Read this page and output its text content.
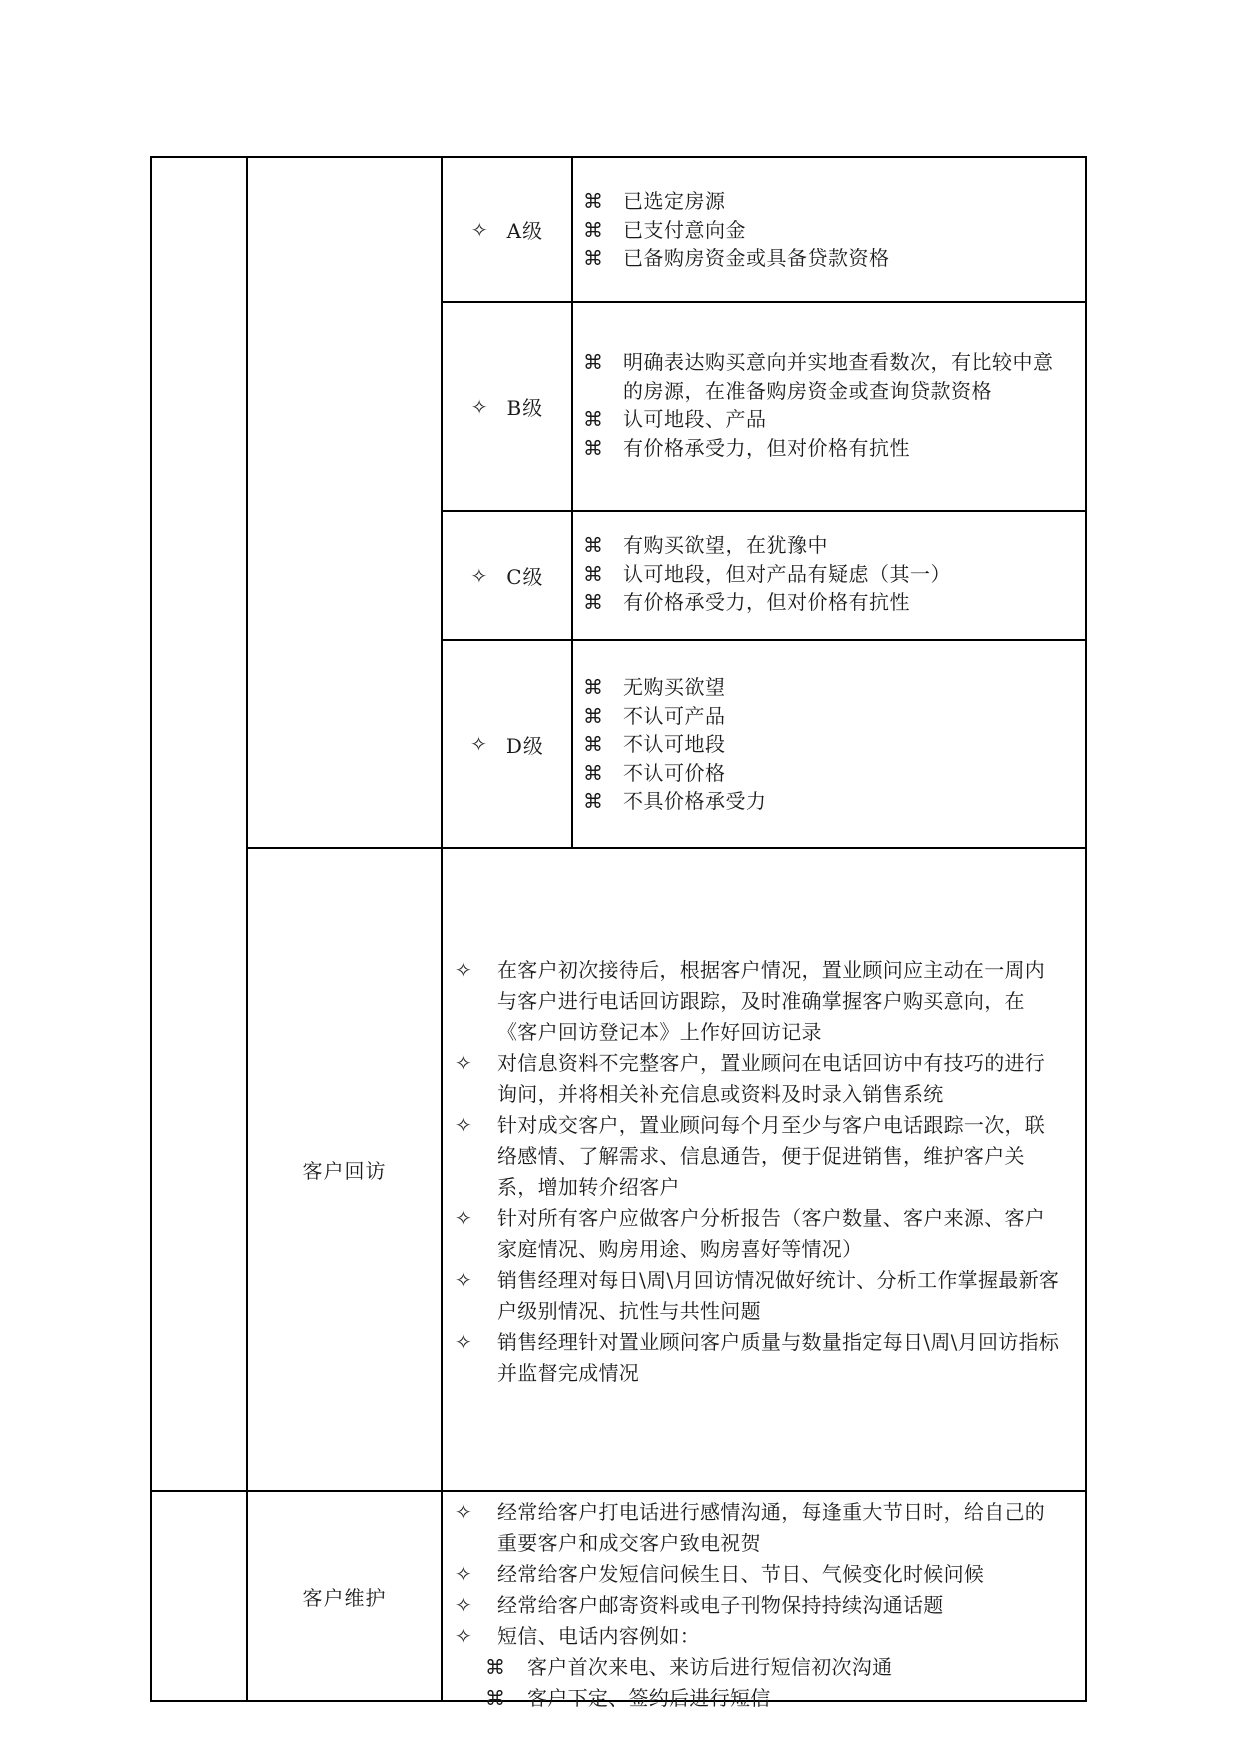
✧ A级
⌘	已选定房源
⌘	已支付意向金
⌘	已备购房资金或具备贷款资格
✧ B级
⌘	明确表达购买意向并实地查看数次，有比较中意的房源，在准备购房资金或查询贷款资格
⌘	认可地段、产品
⌘	有价格承受力，但对价格有抗性
✧ C级
⌘	有购买欲望，在犹豫中
⌘	认可地段，但对产品有疑虑（其一）
⌘	有价格承受力，但对价格有抗性
✧ D级
⌘	无购买欲望
⌘	不认可产品
⌘	不认可地段
⌘	不认可价格
⌘	不具价格承受力
客户回访
✧	在客户初次接待后，根据客户情况，置业顾问应主动在一周内与客户进行电话回访跟踪，及时准确掌握客户购买意向，在《客户回访登记本》上作好回访记录
✧	对信息资料不完整客户，置业顾问在电话回访中有技巧的进行询问，并将相关补充信息或资料及时录入销售系统
✧	针对成交客户，置业顾问每个月至少与客户电话跟踪一次，联络感情、了解需求、信息通告，便于促进销售，维护客户关系，增加转介绍客户
✧	针对所有客户应做客户分析报告（客户数量、客户来源、客户家庭情况、购房用途、购房喜好等情况）
✧	销售经理对每日\周\月回访情况做好统计、分析工作掌握最新客户级别情况、抗性与共性问题
✧	销售经理针对置业顾问客户质量与数量指定每日\周\月回访指标并监督完成情况
客户维护
✧	经常给客户打电话进行感情沟通，每逢重大节日时，给自己的重要客户和成交客户致电祝贺
✧	经常给客户发短信问候生日、节日、气候变化时候问候
✧	经常给客户邮寄资料或电子刊物保持持续沟通话题
✧	短信、电话内容例如：
⌘	客户首次来电、来访后进行短信初次沟通
⌘	客户下定、签约后进行短信
